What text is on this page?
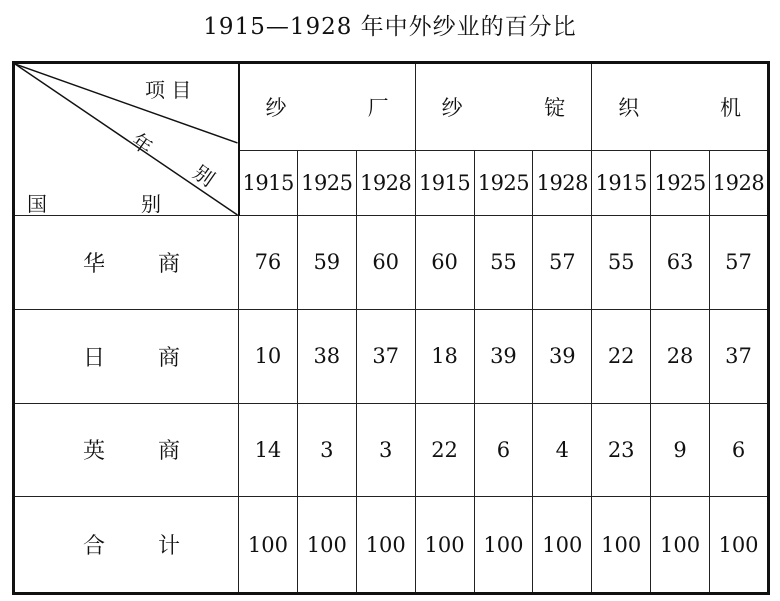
1915—1928 年中外纱业的百分比
项 目
年
别
国 别	纱 厂			纱 锭			织 机		

	1915	1925	1928	1915	1925	1928	1915	1925	1928

华 商	76	59	60	60	55	57	55	63	57

日 商	10	38	37	18	39	39	22	28	37

英 商	14	3	3	22	6	4	23	9	6

合 计	100	100	100	100	100	100	100	100	100
